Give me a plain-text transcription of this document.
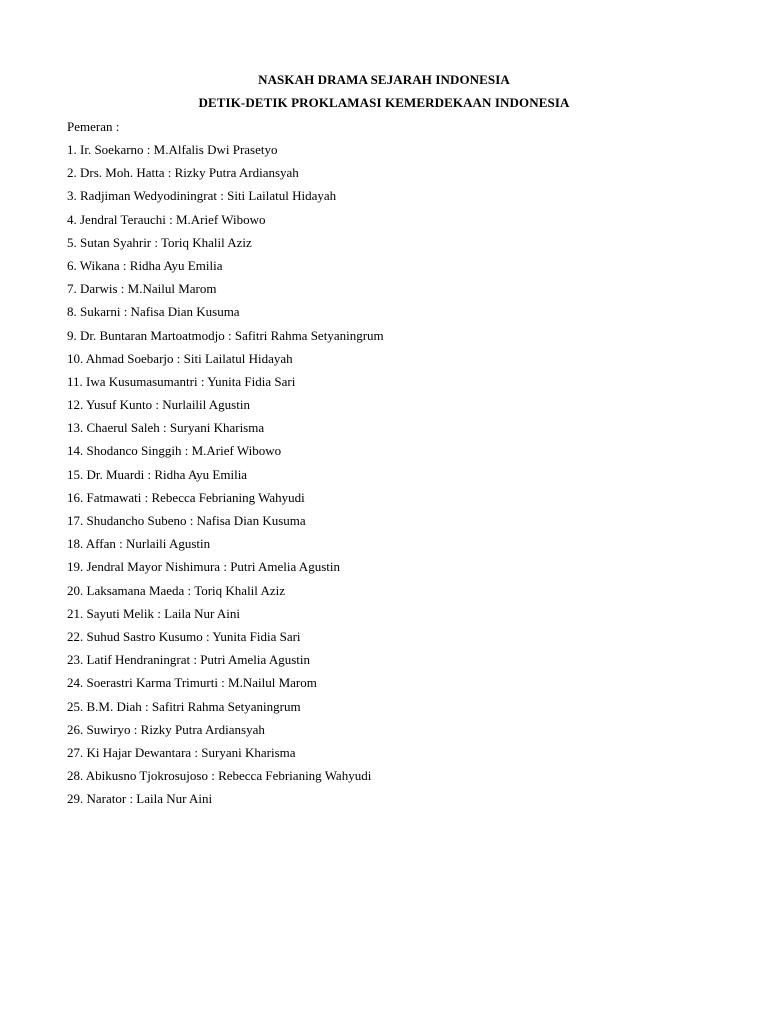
NASKAH DRAMA SEJARAH INDONESIA
DETIK-DETIK PROKLAMASI KEMERDEKAAN INDONESIA
Pemeran :
1. Ir. Soekarno : M.Alfalis Dwi Prasetyo
2. Drs. Moh. Hatta : Rizky Putra Ardiansyah
3. Radjiman Wedyodiningrat : Siti Lailatul Hidayah
4. Jendral Terauchi : M.Arief Wibowo
5. Sutan Syahrir : Toriq Khalil Aziz
6. Wikana : Ridha Ayu Emilia
7. Darwis : M.Nailul Marom
8. Sukarni : Nafisa Dian Kusuma
9. Dr. Buntaran Martoatmodjo : Safitri Rahma Setyaningrum
10. Ahmad Soebarjo : Siti Lailatul Hidayah
11. Iwa Kusumasumantri : Yunita Fidia Sari
12. Yusuf Kunto : Nurlailil Agustin
13. Chaerul Saleh : Suryani Kharisma
14. Shodanco Singgih : M.Arief Wibowo
15. Dr. Muardi : Ridha Ayu Emilia
16. Fatmawati : Rebecca Febrianing Wahyudi
17. Shudancho Subeno : Nafisa Dian Kusuma
18. Affan : Nurlaili Agustin
19. Jendral Mayor Nishimura : Putri Amelia Agustin
20. Laksamana Maeda : Toriq Khalil Aziz
21. Sayuti Melik : Laila Nur Aini
22. Suhud Sastro Kusumo : Yunita Fidia Sari
23. Latif Hendraningrat : Putri Amelia Agustin
24. Soerastri Karma Trimurti : M.Nailul Marom
25. B.M. Diah : Safitri Rahma Setyaningrum
26. Suwiryo : Rizky Putra Ardiansyah
27. Ki Hajar Dewantara : Suryani Kharisma
28. Abikusno Tjokrosujoso : Rebecca Febrianing Wahyudi
29. Narator : Laila Nur Aini
